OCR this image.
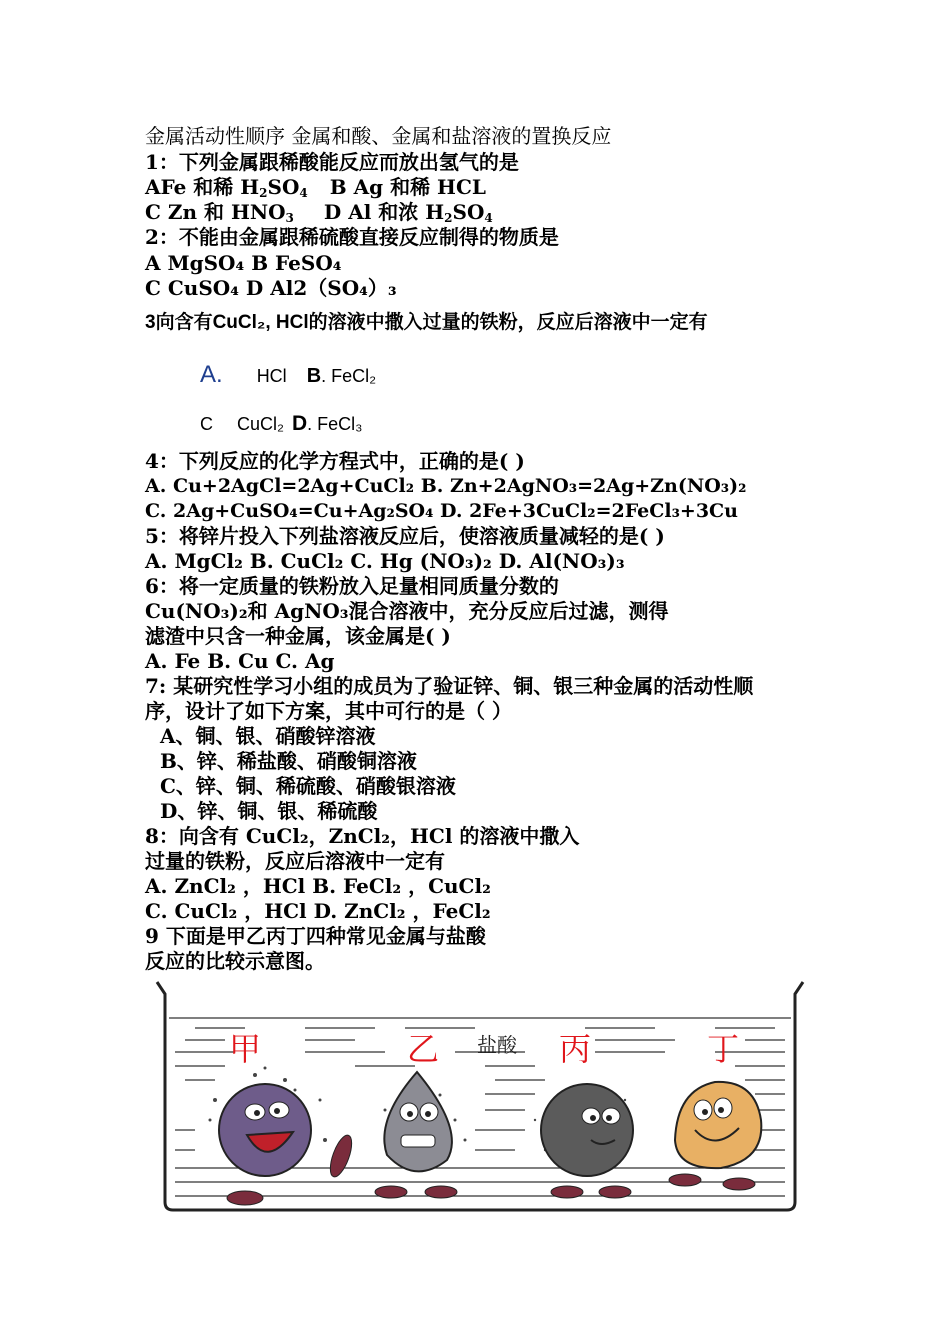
金属活动性顺序 金属和酸、金属和盐溶液的置换反应
1：下列金属跟稀酸能反应而放出氢气的是
AFe 和稀 $H_2SO_4$ B Ag 和稀 HCL
C Zn 和 $HNO_3$ D Al 和浓 $H_2SO_4$
2：不能由金属跟稀硫酸直接反应制得的物质是
A MgSO₄ B FeSO₄
C CuSO₄ D Al2（SO₄）₃
3向含有CuCl₂, HCl的溶液中撒入过量的铁粉，反应后溶液中一定有
A. HCl B. FeCl₂
C CuCl₂ D. FeCl₃
4：下列反应的化学方程式中，正确的是( )
A. Cu+2AgCl=2Ag+CuCl₂ B. Zn+2AgNO₃=2Ag+Zn(NO₃)₂
C. 2Ag+CuSO₄=Cu+Ag₂SO₄ D. 2Fe+3CuCl₂=2FeCl₃+3Cu
5：将锌片投入下列盐溶液反应后，使溶液质量减轻的是( )
A. MgCl₂ B. CuCl₂ C. Hg (NO₃)₂ D. Al(NO₃)₃
6：将一定质量的铁粉放入足量相同质量分数的
Cu(NO₃)₂和 AgNO₃混合溶液中，充分反应后过滤，测得
滤渣中只含一种金属，该金属是( )
A. Fe B. Cu C. Ag
7: 某研究性学习小组的成员为了验证锌、铜、银三种金属的活动性顺
序，设计了如下方案，其中可行的是（ ）
A、铜、银、硝酸锌溶液
B、锌、稀盐酸、硝酸铜溶液
C、锌、铜、稀硫酸、硝酸银溶液
D、锌、铜、银、稀硫酸
8：向含有 CuCl₂，ZnCl₂，HCl 的溶液中撒入
过量的铁粉，反应后溶液中一定有
A. ZnCl₂ ，HCl B. FeCl₂ ，CuCl₂
C. CuCl₂ ，HCl D. ZnCl₂ ，FeCl₂
9 下面是甲乙丙丁四种常见金属与盐酸
反应的比较示意图。
甲	乙 盐酸 丙	丁
